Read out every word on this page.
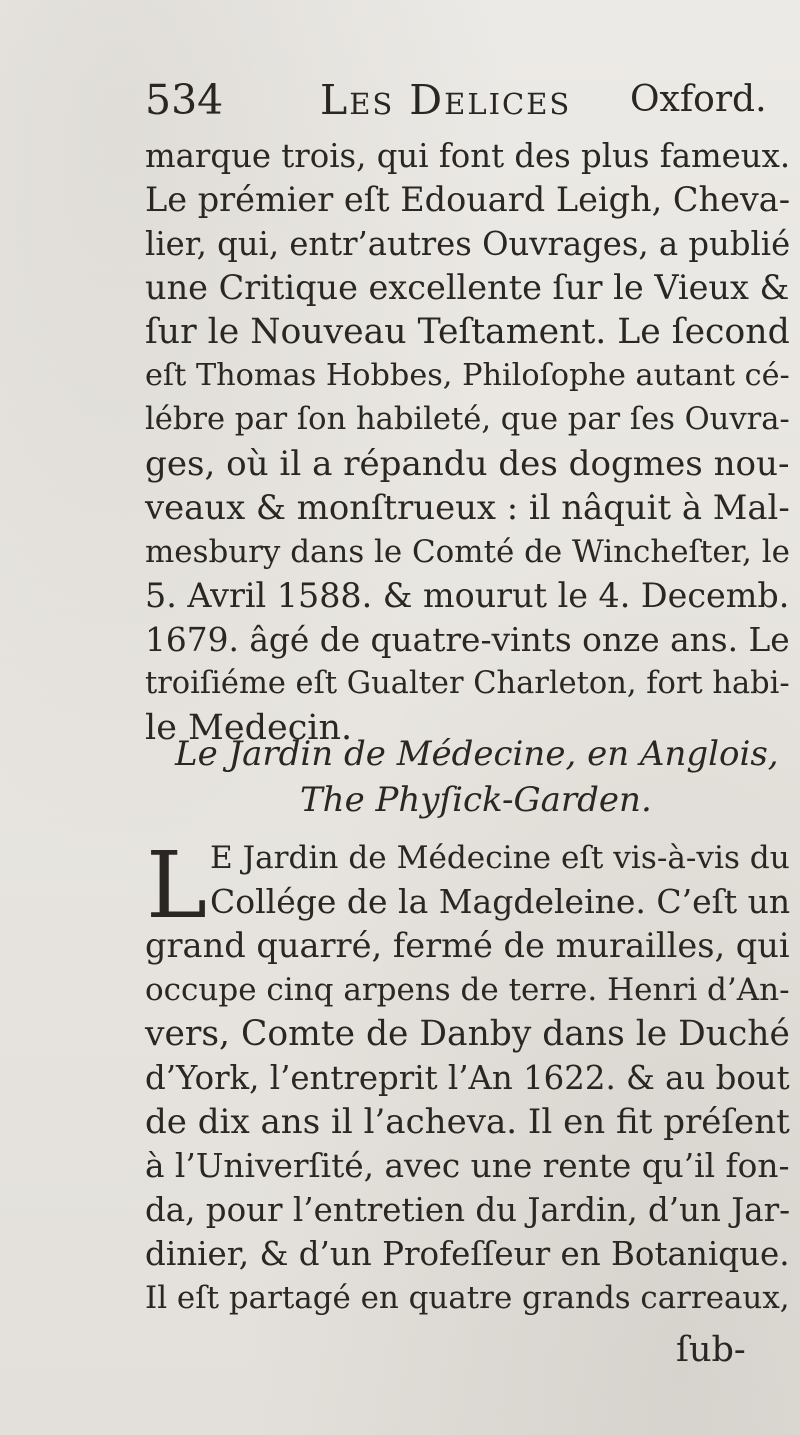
534 Les Delices Oxford.
marque trois, qui font des plus fameux.
Le prémier eſt Edouard Leigh, Cheva-
lier, qui, entr’autres Ouvrages, a publié
une Critique excellente ſur le Vieux &
ſur le Nouveau Teſtament. Le ſecond
eſt Thomas Hobbes, Philoſophe autant cé-
lébre par ſon habileté, que par ſes Ouvra-
ges, où il a répandu des dogmes nou-
veaux & monſtrueux : il nâquit à Mal-
mesbury dans le Comté de Wincheſter, le
5. Avril 1588. & mourut le 4. Decemb.
1679. âgé de quatre-vints onze ans. Le
troiſiéme eſt Gualter Charleton, fort habi-
le Medecin.
Le Jardin de Médecine, en Anglois,
The Phyſick-Garden.
L E Jardin de Médecine eſt vis-à-vis du
Collége de la Magdeleine. C’eſt un
grand quarré, fermé de murailles, qui
occupe cinq arpens de terre. Henri d’An-
vers, Comte de Danby dans le Duché
d’York, l’entreprit l’An 1622. & au bout
de dix ans il l’acheva. Il en fit préſent
à l’Univerſité, avec une rente qu’il fon-
da, pour l’entretien du Jardin, d’un Jar-
dinier, & d’un Profeſſeur en Botanique.
Il eſt partagé en quatre grands carreaux,
ſub-
